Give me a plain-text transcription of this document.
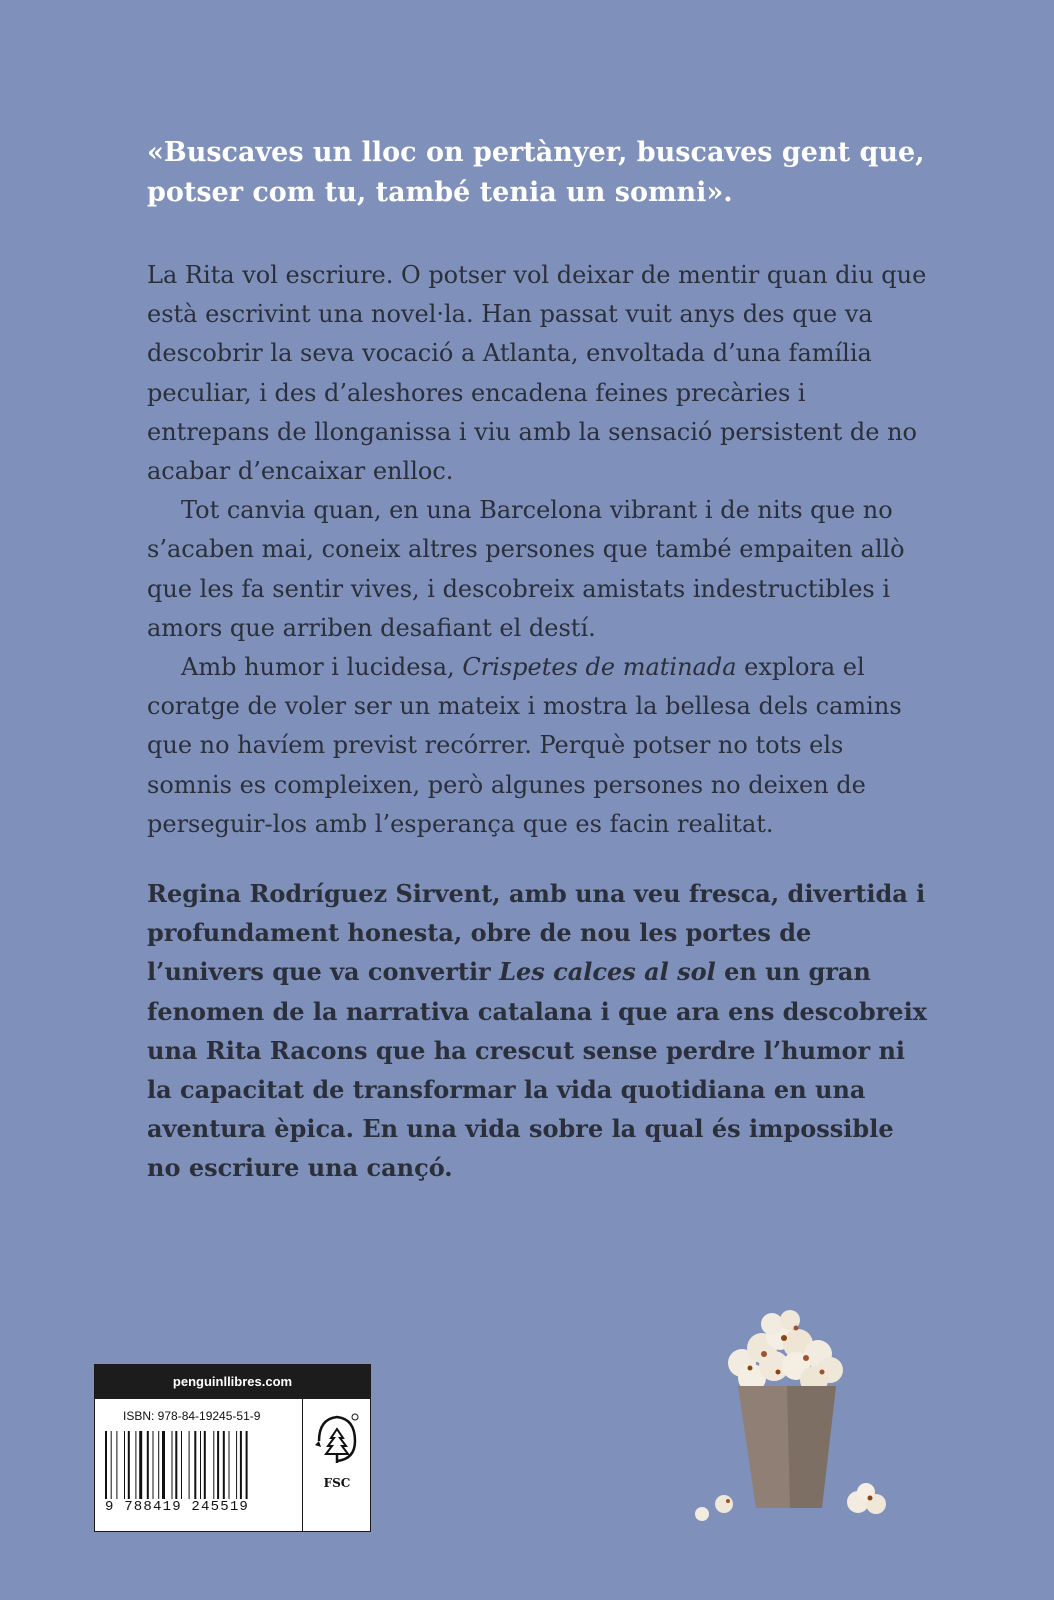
«Buscaves un lloc on pertànyer, buscaves gent que, potser com tu, també tenia un somni».

La Rita vol escriure. O potser vol deixar de mentir quan diu que està escrivint una novel·la. Han passat vuit anys des que va descobrir la seva vocació a Atlanta, envoltada d’una família peculiar, i des d’aleshores encadena feines precàries i entrepans de llonganissa i viu amb la sensació persistent de no acabar d’encaixar enlloc.

Tot canvia quan, en una Barcelona vibrant i de nits que no s’acaben mai, coneix altres persones que també empaiten allò que les fa sentir vives, i descobreix amistats indestructibles i amors que arriben desafiant el destí.

Amb humor i lucidesa, Crispetes de matinada explora el coratge de voler ser un mateix i mostra la bellesa dels camins que no havíem previst recórrer. Perquè potser no tots els somnis es compleixen, però algunes persones no deixen de perseguir-los amb l’esperança que es facin realitat.

Regina Rodríguez Sirvent, amb una veu fresca, divertida i profundament honesta, obre de nou les portes de l’univers que va convertir Les calces al sol en un gran fenomen de la narrativa catalana i que ara ens descobreix una Rita Racons que ha crescut sense perdre l’humor ni la capacitat de transformar la vida quotidiana en una aventura èpica. En una vida sobre la qual és impossible no escriure una cançó.

penguinllibres.com
ISBN: 978-84-19245-51-9
9 788419 245519
FSC
